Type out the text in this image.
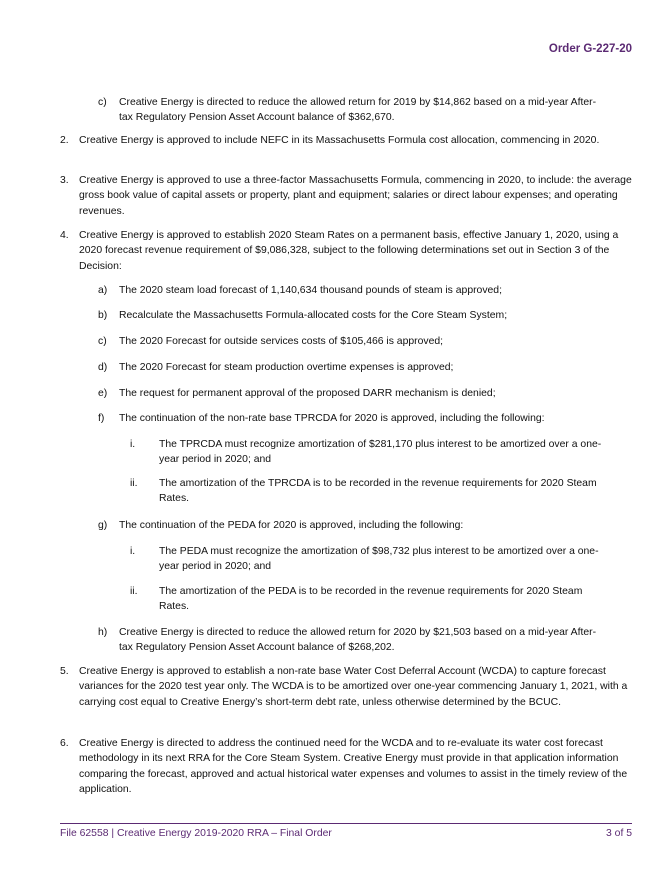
Order G-227-20
c) Creative Energy is directed to reduce the allowed return for 2019 by $14,862 based on a mid-year After-tax Regulatory Pension Asset Account balance of $362,670.
2. Creative Energy is approved to include NEFC in its Massachusetts Formula cost allocation, commencing in 2020.
3. Creative Energy is approved to use a three-factor Massachusetts Formula, commencing in 2020, to include: the average gross book value of capital assets or property, plant and equipment; salaries or direct labour expenses; and operating revenues.
4. Creative Energy is approved to establish 2020 Steam Rates on a permanent basis, effective January 1, 2020, using a 2020 forecast revenue requirement of $9,086,328, subject to the following determinations set out in Section 3 of the Decision:
a) The 2020 steam load forecast of 1,140,634 thousand pounds of steam is approved;
b) Recalculate the Massachusetts Formula-allocated costs for the Core Steam System;
c) The 2020 Forecast for outside services costs of $105,466 is approved;
d) The 2020 Forecast for steam production overtime expenses is approved;
e) The request for permanent approval of the proposed DARR mechanism is denied;
f) The continuation of the non-rate base TPRCDA for 2020 is approved, including the following:
i. The TPRCDA must recognize amortization of $281,170 plus interest to be amortized over a one-year period in 2020; and
ii. The amortization of the TPRCDA is to be recorded in the revenue requirements for 2020 Steam Rates.
g) The continuation of the PEDA for 2020 is approved, including the following:
i. The PEDA must recognize the amortization of $98,732 plus interest to be amortized over a one-year period in 2020; and
ii. The amortization of the PEDA is to be recorded in the revenue requirements for 2020 Steam Rates.
h) Creative Energy is directed to reduce the allowed return for 2020 by $21,503 based on a mid-year After-tax Regulatory Pension Asset Account balance of $268,202.
5. Creative Energy is approved to establish a non-rate base Water Cost Deferral Account (WCDA) to capture forecast variances for the 2020 test year only. The WCDA is to be amortized over one-year commencing January 1, 2021, with a carrying cost equal to Creative Energy’s short-term debt rate, unless otherwise determined by the BCUC.
6. Creative Energy is directed to address the continued need for the WCDA and to re-evaluate its water cost forecast methodology in its next RRA for the Core Steam System. Creative Energy must provide in that application information comparing the forecast, approved and actual historical water expenses and volumes to assist in the timely review of the application.
File 62558 | Creative Energy 2019-2020 RRA – Final Order	3 of 5
